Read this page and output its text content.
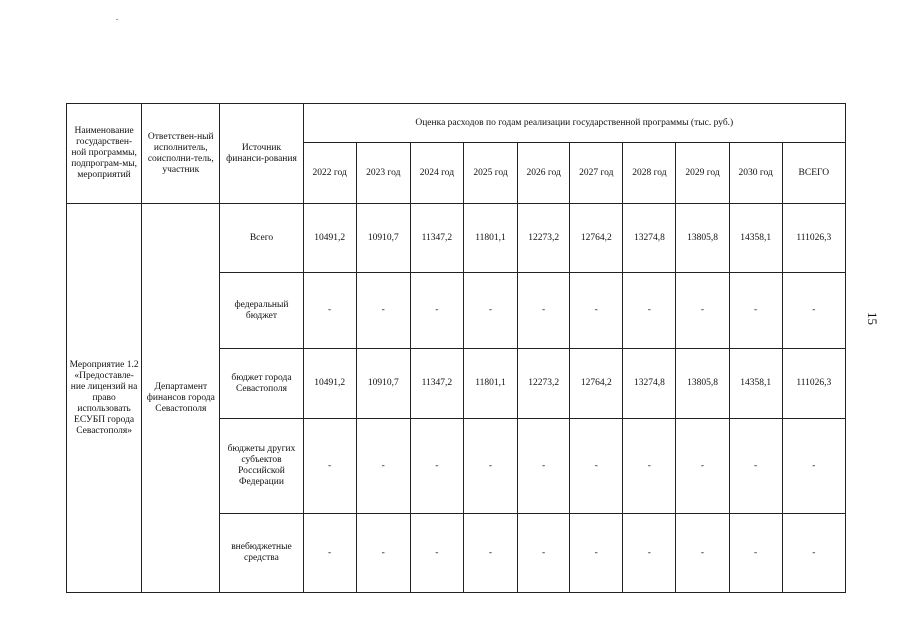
15
Наименование государствен-ной программы, подпрограм-мы, мероприятий	Ответствен-ный исполнитель, соисполни-тель, участник	Источник финанси-рования	Оценка расходов по годам реализации государственной программы (тыс. руб.)									
			2022 год	2023 год	2024 год	2025 год	2026 год	2027 год	2028 год	2029 год	2030 год	ВСЕГО
Мероприятие 1.2 «Предоставле-ние лицензий на право использовать ЕСУБП города Севастополя»	Департамент финансов города Севастополя	Всего	10491,2	10910,7	11347,2	11801,1	12273,2	12764,2	13274,8	13805,8	14358,1	111026,3
		федеральный бюджет	-	-	-	-	-	-	-	-	-	-
		бюджет города Севастополя	10491,2	10910,7	11347,2	11801,1	12273,2	12764,2	13274,8	13805,8	14358,1	111026,3
		бюджеты других субъектов Российской Федерации	-	-	-	-	-	-	-	-	-	-
		внебюджетные средства	-	-	-	-	-	-	-	-	-	-
